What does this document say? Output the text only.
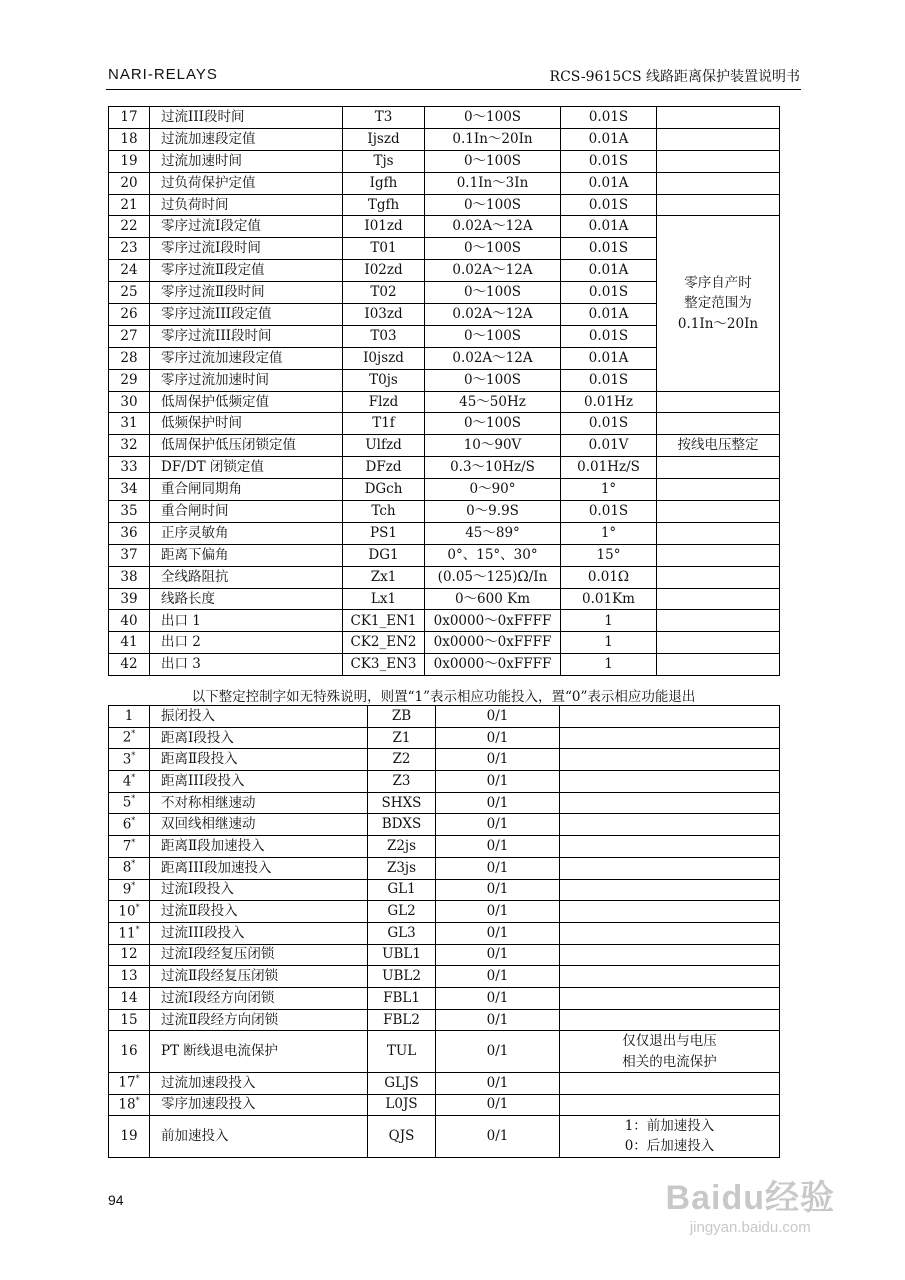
NARI-RELAYS	RCS-9615CS 线路距离保护装置说明书
17	过流III段时间	T3	0～100S	0.01S	
18	过流加速段定值	Ijszd	0.1In～20In	0.01A	
19	过流加速时间	Tjs	0～100S	0.01S	
20	过负荷保护定值	Igfh	0.1In～3In	0.01A	
21	过负荷时间	Tgfh	0～100S	0.01S	
22	零序过流Ⅰ段定值	I01zd	0.02A～12A	0.01A	零序自产时
整定范围为
0.1In～20In

23	零序过流Ⅰ段时间	T01	0～100S	0.01S	
24	零序过流Ⅱ段定值	I02zd	0.02A～12A	0.01A	
25	零序过流Ⅱ段时间	T02	0～100S	0.01S	
26	零序过流III段定值	I03zd	0.02A～12A	0.01A	
27	零序过流III段时间	T03	0～100S	0.01S	
28	零序过流加速段定值	I0jszd	0.02A～12A	0.01A	
29	零序过流加速时间	T0js	0～100S	0.01S	
30	低周保护低频定值	Flzd	45～50Hz	0.01Hz	
31	低频保护时间	T1f	0～100S	0.01S	
32	低周保护低压闭锁定值	Ulfzd	10～90V	0.01V	按线电压整定
33	DF/DT 闭锁定值	DFzd	0.3～10Hz/S	0.01Hz/S	
34	重合闸同期角	DGch	0～90°	1°	
35	重合闸时间	Tch	0～9.9S	0.01S	
36	正序灵敏角	PS1	45～89°	1°	
37	距离下偏角	DG1	0°、15°、30°	15°	
38	全线路阻抗	Zx1	(0.05～125)Ω/In	0.01Ω	
39	线路长度	Lx1	0～600 Km	0.01Km	
40	出口 1	CK1_EN1	0x0000～0xFFFF	1	
41	出口 2	CK2_EN2	0x0000～0xFFFF	1	
42	出口 3	CK3_EN3	0x0000～0xFFFF	1	
以下整定控制字如无特殊说明，则置“1”表示相应功能投入，置“0”表示相应功能退出
1	振闭投入	ZB	0/1	
2*	距离Ⅰ段投入	Z1	0/1	
3*	距离Ⅱ段投入	Z2	0/1	
4*	距离III段投入	Z3	0/1	
5*	不对称相继速动	SHXS	0/1	
6*	双回线相继速动	BDXS	0/1	
7*	距离Ⅱ段加速投入	Z2js	0/1	
8*	距离III段加速投入	Z3js	0/1	
9*	过流Ⅰ段投入	GL1	0/1	
10*	过流Ⅱ段投入	GL2	0/1	
11*	过流III段投入	GL3	0/1	
12	过流Ⅰ段经复压闭锁	UBL1	0/1	
13	过流Ⅱ段经复压闭锁	UBL2	0/1	
14	过流Ⅰ段经方向闭锁	FBL1	0/1	
15	过流Ⅱ段经方向闭锁	FBL2	0/1	
16	PT 断线退电流保护	TUL	0/1	仅仅退出与电压
相关的电流保护

17*	过流加速段投入	GLJS	0/1	
18*	零序加速段投入	L0JS	0/1	
19	前加速投入	QJS	0/1	1：前加速投入
0：后加速投入
94	Baidu经验
jingyan.baidu.com
